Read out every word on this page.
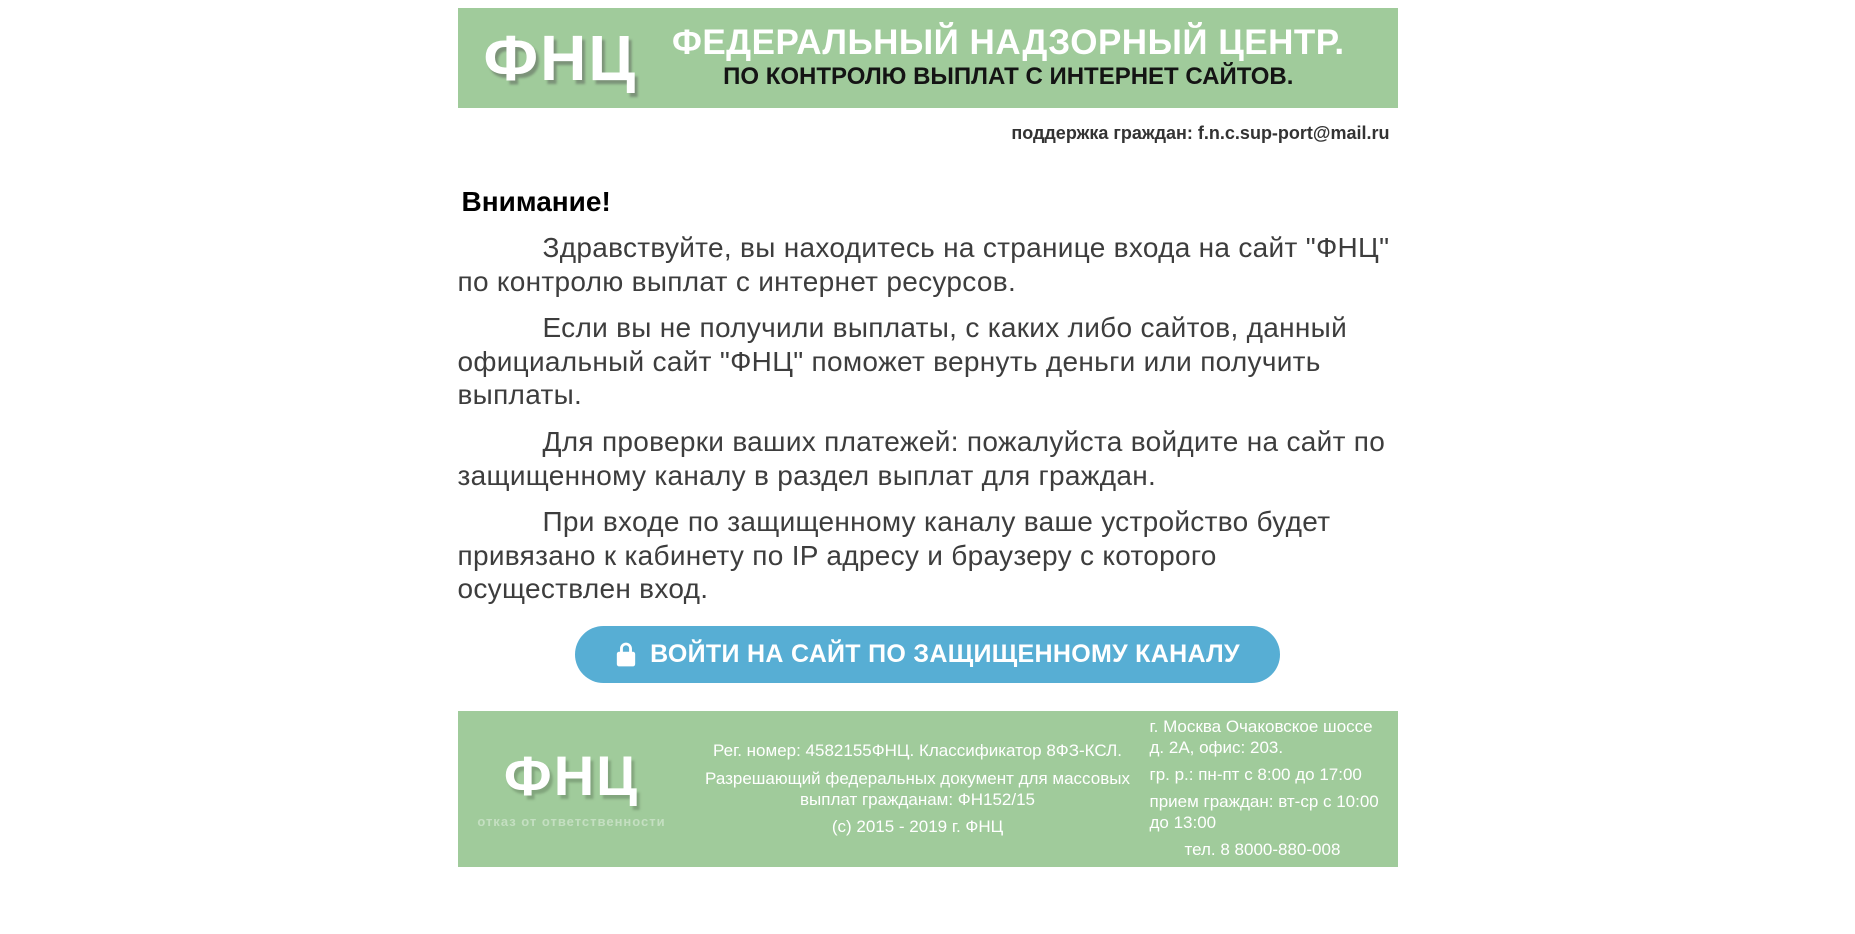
ФНЦ ФЕДЕРАЛЬНЫЙ НАДЗОРНЫЙ ЦЕНТР.
ПО КОНТРОЛЮ ВЫПЛАТ С ИНТЕРНЕТ САЙТОВ.
поддержка граждан: f.n.c.sup-port@mail.ru
Внимание!

Здравствуйте, вы находитесь на странице входа на сайт "ФНЦ" по контролю выплат с интернет ресурсов.

Если вы не получили выплаты, с каких либо сайтов, данный официальный сайт "ФНЦ" поможет вернуть деньги или получить выплаты.

Для проверки ваших платежей: пожалуйста войдите на сайт по защищенному каналу в раздел выплат для граждан.

При входе по защищенному каналу ваше устройство будет привязано к кабинету по IP адресу и браузеру с которого осуществлен вход.

ВОЙТИ НА САЙТ ПО ЗАЩИЩЕННОМУ КАНАЛУ
ФНЦ
отказ от ответственности
Рег. номер: 4582155ФНЦ. Классификатор 8ФЗ-КСЛ.
Разрешающий федеральных документ для массовых выплат гражданам: ФН152/15
(c) 2015 - 2019 г. ФНЦ
г. Москва Очаковское шоссе д. 2А, офис: 203.
гр. р.: пн-пт с 8:00 до 17:00
прием граждан: вт-ср с 10:00 до 13:00
тел. 8 8000-880-008
